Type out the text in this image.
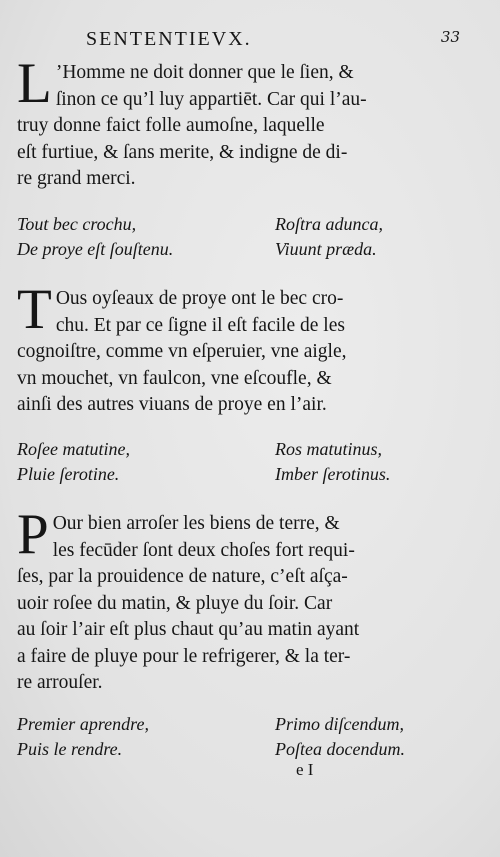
SENTENTIEVX.	33
L ’Homme ne doit donner que le ſien, &
ſinon ce qu’l luy appartiēt. Car qui l’au-
truy donne faict folle aumoſne, laquelle
eſt furtiue, & ſans merite, & indigne de di-
re grand merci.
Tout bec crochu,	Roſtra adunca,
De proye eſt ſouſtenu.	Viuunt præda.
T Ous oyſeaux de proye ont le bec cro-
chu. Et par ce ſigne il eſt facile de les
cognoiſtre, comme vn eſperuier, vne aigle,
vn mouchet, vn faulcon, vne eſcoufle, &
ainſi des autres viuans de proye en l’air.
Roſee matutine,	Ros matutinus,
Pluie ſerotine.	Imber ſerotinus.
P Our bien arroſer les biens de terre, &
les fecūder ſont deux choſes fort requi-
ſes, par la prouidence de nature, c’eſt aſça-
uoir roſee du matin, & pluye du ſoir. Car
au ſoir l’air eſt plus chaut qu’au matin ayant
a faire de pluye pour le refrigerer, & la ter-
re arrouſer.
Premier aprendre,	Primo diſcendum,
Puis le rendre.	Poſtea docendum.
e I
